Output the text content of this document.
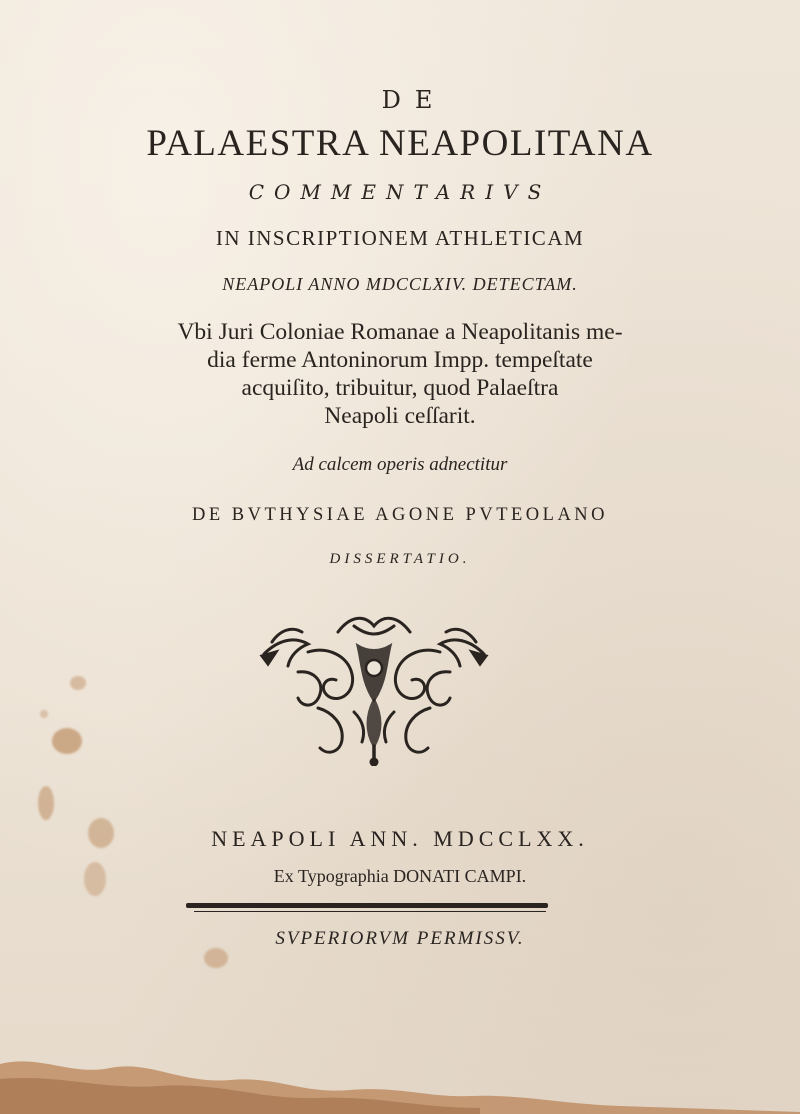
DE
PALAESTRA NEAPOLITANA
COMMENTARIVS
IN INSCRIPTIONEM ATHLETICAM
NEAPOLI ANNO MDCCLXIV. DETECTAM.
Vbi Juri Coloniae Romanae a Neapolitanis me-
dia ferme Antoninorum Impp. tempeſtate
acquiſito, tribuitur, quod Palaeſtra
Neapoli ceſſarit.
Ad calcem operis adnectitur
DE BVTHYSIAE AGONE PVTEOLANO
DISSERTATIO.
NEAPOLI ANN. MDCCLXX.
Ex Typographia DONATI CAMPI.
SVPERIORVM PERMISSV.
